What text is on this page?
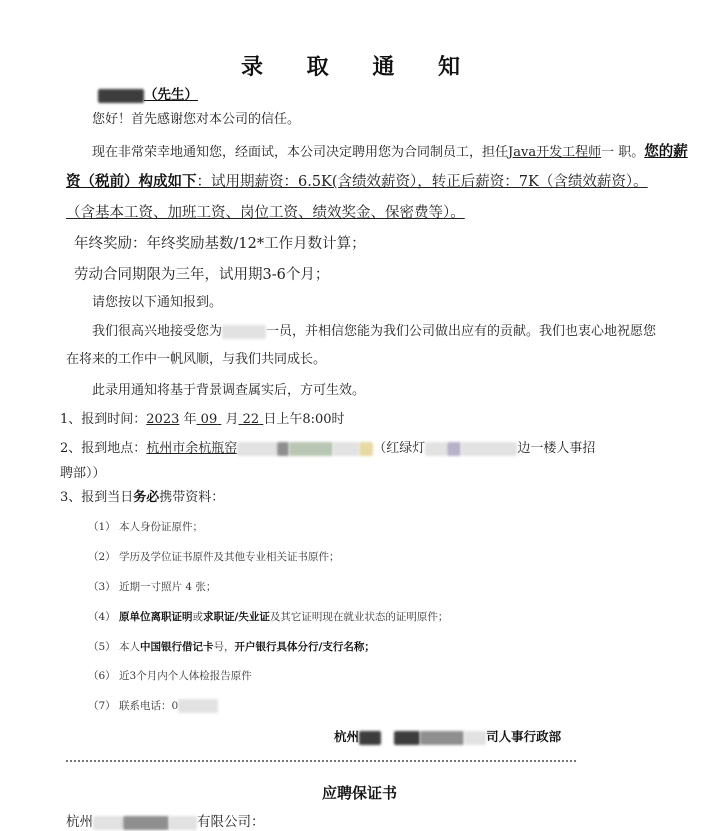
录 取 通 知
（先生）
您好！首先感谢您对本公司的信任。
现在非常荣幸地通知您，经面试，本公司决定聘用您为合同制员工，担任Java开发工程师一 职。您的薪
资（税前）构成如下：试用期薪资：6.5K(含绩效薪资），转正后薪资：7K（含绩效薪资）。
（含基本工资、加班工资、岗位工资、绩效奖金、保密费等）。
年终奖励：年终奖励基数/12*工作月数计算；
劳动合同期限为三年，试用期3-6个月；
请您按以下通知报到。
我们很高兴地接受您为	一员，并相信您能为我们公司做出应有的贡献。我们也衷心地祝愿您
在将来的工作中一帆风顺，与我们共同成长。
此录用通知将基于背景调查属实后，方可生效。
1、报到时间：2023 年 09 月 22 日上午8:00时
2、报到地点：杭州市余杭瓶窑	（红绿灯	边一楼人事招
聘部））
3、报到当日务必携带资料：
（1） 本人身份证原件；
（2） 学历及学位证书原件及其他专业相关证书原件；
（3） 近期一寸照片 4 张；
（4） 原单位离职证明或求职证/失业证及其它证明现在就业状态的证明原件；
（5） 本人中国银行借记卡号，开户银行具体分行/支行名称；
（6） 近3个月内个人体检报告原件
（7） 联系电话：0
杭州	司人事行政部
应聘保证书
杭州	有限公司：
